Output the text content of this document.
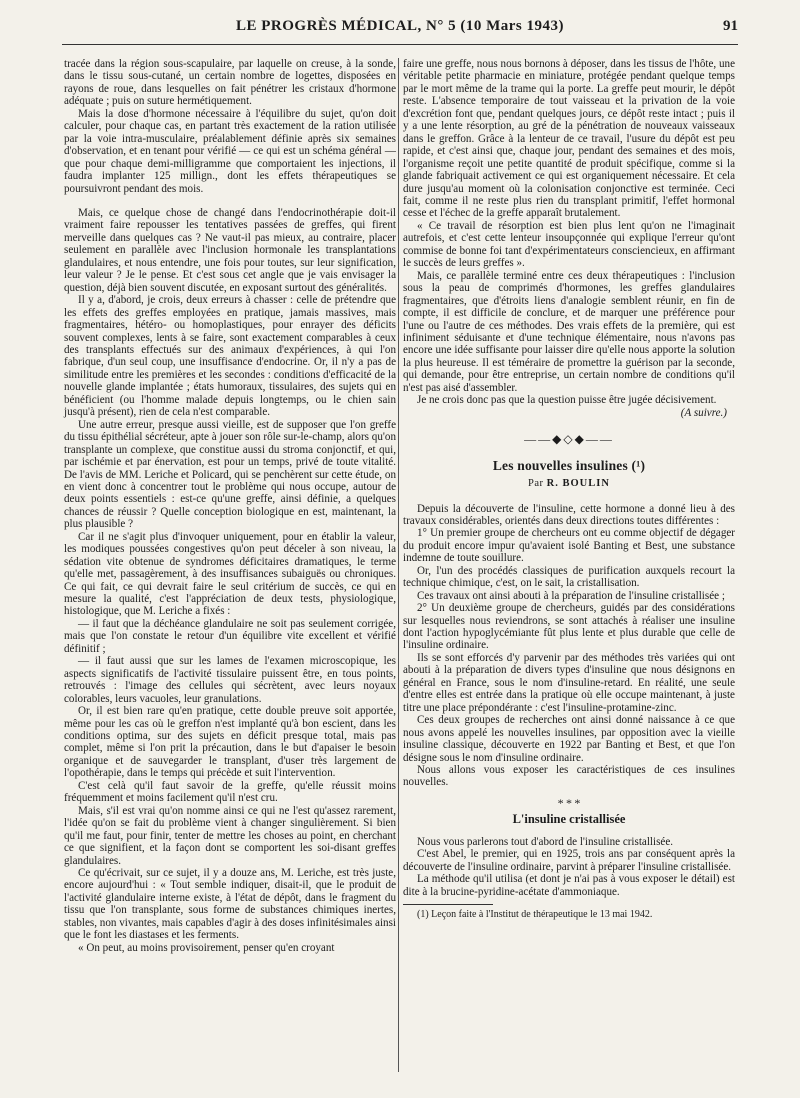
LE PROGRÈS MÉDICAL, N° 5 (10 Mars 1943)	91

tracée dans la région sous-scapulaire, par laquelle on creuse, à la sonde, dans le tissu sous-cutané, un certain nombre de logettes, disposées en rayons de roue, dans lesquelles on fait pénétrer les cristaux d'hormone adéquate ; puis on suture hermétiquement.

Mais la dose d'hormone nécessaire à l'équilibre du sujet, qu'on doit calculer, pour chaque cas, en partant très exactement de la ration utilisée par la voie intra-musculaire, préalablement définie après six semaines d'observation, et en tenant pour vérifié — ce qui est un schéma général — que pour chaque demi-milligramme que comportaient les injections, il faudra implanter 125 millign., dont les effets thérapeutiques se poursuivront pendant des mois.

Mais, ce quelque chose de changé dans l'endocrinothérapie doit-il vraiment faire repousser les tentatives passées de greffes, qui firent merveille dans quelques cas ? Ne vaut-il pas mieux, au contraire, placer seulement en parallèle avec l'inclusion hormonale les transplantations glandulaires, et nous entendre, une fois pour toutes, sur leur signification, leur valeur ? Je le pense. Et c'est sous cet angle que je vais envisager la question, déjà bien souvent discutée, en exposant surtout des généralités.

Il y a, d'abord, je crois, deux erreurs à chasser : celle de prétendre que les effets des greffes employées en pratique, jamais massives, mais fragmentaires, hétéro- ou homoplastiques, pour enrayer des déficits souvent complexes, lents à se faire, sont exactement comparables à ceux des transplants effectués sur des animaux d'expériences, à qui l'on fabrique, d'un seul coup, une insuffisance d'endocrine. Or, il n'y a pas de similitude entre les premières et les secondes : conditions d'efficacité de la nouvelle glande implantée ; états humoraux, tissulaires, des sujets qui en bénéficient (ou l'homme malade depuis longtemps, ou le chien sain jusqu'à présent), rien de cela n'est comparable.

Une autre erreur, presque aussi vieille, est de supposer que l'on greffe du tissu épithélial sécréteur, apte à jouer son rôle sur-le-champ, alors qu'on transplante un complexe, que constitue aussi du stroma conjonctif, et qui, par ischémie et par énervation, est pour un temps, privé de toute vitalité. De l'avis de MM. Leriche et Policard, qui se penchèrent sur cette étude, on en vient donc à concentrer tout le problème qui nous occupe, autour de deux points essentiels : est-ce qu'une greffe, ainsi définie, a quelques chances de réussir ? Quelle conception biologique en est, maintenant, la plus plausible ?

Car il ne s'agit plus d'invoquer uniquement, pour en établir la valeur, les modiques poussées congestives qu'on peut déceler à son niveau, la sédation vite obtenue de syndromes déficitaires dramatiques, le terme qu'elle met, passagèrement, à des insuffisances subaiguës ou chroniques. Ce qui fait, ce qui devrait faire le seul critérium de succès, ce qui en mesure la qualité, c'est l'appréciation de deux tests, physiologique, histologique, que M. Leriche a fixés :

— il faut que la déchéance glandulaire ne soit pas seulement corrigée, mais que l'on constate le retour d'un équilibre vite excellent et vérifié définitif ;

— il faut aussi que sur les lames de l'examen microscopique, les aspects significatifs de l'activité tissulaire puissent être, en tous points, retrouvés : l'image des cellules qui sécrètent, avec leurs noyaux colorables, leurs vacuoles, leur granulations.

Or, il est bien rare qu'en pratique, cette double preuve soit apportée, même pour les cas où le greffon n'est implanté qu'à bon escient, dans les conditions optima, sur des sujets en déficit presque total, mais pas complet, même si l'on prit la précaution, dans le but d'apaiser le besoin organique et de sauvegarder le transplant, d'user très largement de l'opothérapie, dans le temps qui précède et suit l'intervention.

C'est celà qu'il faut savoir de la greffe, qu'elle réussit moins fréquemment et moins facilement qu'il n'est cru.

Mais, s'il est vrai qu'on nomme ainsi ce qui ne l'est qu'assez rarement, l'idée qu'on se fait du problème vient à changer singulièrement. Si bien qu'il me faut, pour finir, tenter de mettre les choses au point, en cherchant ce que signifient, et la façon dont se comportent les soi-disant greffes glandulaires.

Ce qu'écrivait, sur ce sujet, il y a douze ans, M. Leriche, est très juste, encore aujourd'hui : « Tout semble indiquer, disait-il, que le produit de l'activité glandulaire interne existe, à l'état de dépôt, dans le fragment du tissu que l'on transplante, sous forme de substances chimiques inertes, stables, non vivantes, mais capables d'agir à des doses infinitésimales ainsi que le font les diastases et les ferments.

« On peut, au moins provisoirement, penser qu'en croyant

faire une greffe, nous nous bornons à déposer, dans les tissus de l'hôte, une véritable petite pharmacie en miniature, protégée pendant quelque temps par le mort même de la trame qui la porte. La greffe peut mourir, le dépôt reste. L'absence temporaire de tout vaisseau et la privation de la voie d'excrétion font que, pendant quelques jours, ce dépôt reste intact ; puis il y a une lente résorption, au gré de la pénétration de nouveaux vaisseaux dans le greffon. Grâce à la lenteur de ce travail, l'usure du dépôt est peu rapide, et c'est ainsi que, chaque jour, pendant des semaines et des mois, l'organisme reçoit une petite quantité de produit spécifique, comme si la glande fabriquait activement ce qui est organiquement nécessaire. Et cela dure jusqu'au moment où la colonisation conjonctive est terminée. Ceci fait, comme il ne reste plus rien du transplant primitif, l'effet hormonal cesse et l'échec de la greffe apparaît brutalement.

« Ce travail de résorption est bien plus lent qu'on ne l'imaginait autrefois, et c'est cette lenteur insoupçonnée qui explique l'erreur qu'ont commise de bonne foi tant d'expérimentateurs consciencieux, en affirmant le succès de leurs greffes ».

Mais, ce parallèle terminé entre ces deux thérapeutiques : l'inclusion sous la peau de comprimés d'hormones, les greffes glandulaires fragmentaires, que d'étroits liens d'analogie semblent réunir, en fin de compte, il est difficile de conclure, et de marquer une préférence pour l'une ou l'autre de ces méthodes. Des vrais effets de la première, qui est infiniment séduisante et d'une technique élémentaire, nous n'avons pas encore une idée suffisante pour laisser dire qu'elle nous apporte la solution la plus heureuse. Il est téméraire de promettre la guérison par la seconde, qui demande, pour être entreprise, un certain nombre de conditions qu'il n'est pas aisé d'assembler.

Je ne crois donc pas que la question puisse être jugée décisivement.

(A suivre.)

——◆◇◆——
Les nouvelles insulines (¹)
Par R. BOULIN

Depuis la découverte de l'insuline, cette hormone a donné lieu à des travaux considérables, orientés dans deux directions toutes différentes :

1° Un premier groupe de chercheurs ont eu comme objectif de dégager du produit encore impur qu'avaient isolé Banting et Best, une substance indemne de toute souillure.

Or, l'un des procédés classiques de purification auxquels recourt la technique chimique, c'est, on le sait, la cristallisation.

Ces travaux ont ainsi abouti à la préparation de l'insuline cristallisée ;

2° Un deuxième groupe de chercheurs, guidés par des considérations sur lesquelles nous reviendrons, se sont attachés à réaliser une insuline dont l'action hypoglycémiante fût plus lente et plus durable que celle de l'insuline ordinaire.

Ils se sont efforcés d'y parvenir par des méthodes très variées qui ont abouti à la préparation de divers types d'insuline que nous désignons en général en France, sous le nom d'insuline-retard. En réalité, une seule d'entre elles est entrée dans la pratique où elle occupe maintenant, à juste titre une place prépondérante : c'est l'insuline-protamine-zinc.

Ces deux groupes de recherches ont ainsi donné naissance à ce que nous avons appelé les nouvelles insulines, par opposition avec la vieille insuline classique, découverte en 1922 par Banting et Best, et que l'on désigne sous le nom d'insuline ordinaire.

Nous allons vous exposer les caractéristiques de ces insulines nouvelles.

* * *
L'insuline cristallisée

Nous vous parlerons tout d'abord de l'insuline cristallisée.

C'est Abel, le premier, qui en 1925, trois ans par conséquent après la découverte de l'insuline ordinaire, parvint à préparer l'insuline cristallisée.

La méthode qu'il utilisa (et dont je n'ai pas à vous exposer le détail) est dite à la brucine-pyridine-acétate d'ammoniaque.

(1) Leçon faite à l'Institut de thérapeutique le 13 mai 1942.
